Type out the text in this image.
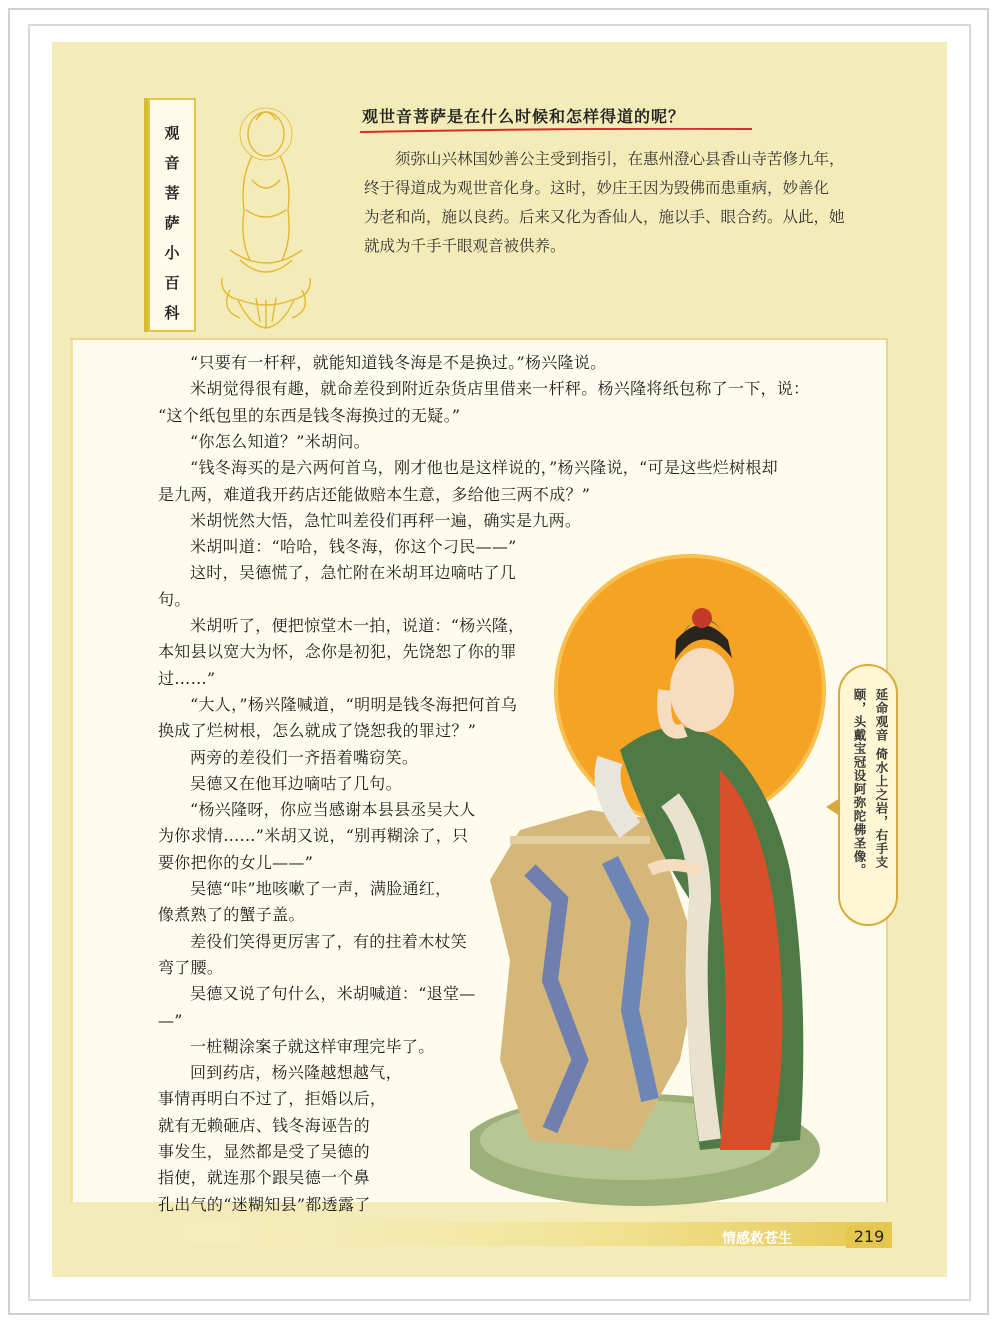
观
音
菩
萨
小
百
科
观世音菩萨是在什么时候和怎样得道的呢？
须弥山兴林国妙善公主受到指引，在惠州澄心县香山寺苦修九年，
终于得道成为观世音化身。这时，妙庄王因为毁佛而患重病，妙善化
为老和尚，施以良药。后来又化为香仙人，施以手、眼合药。从此，她
就成为千手千眼观音被供养。
“只要有一杆秤，就能知道钱冬海是不是换过。”杨兴隆说。
米胡觉得很有趣，就命差役到附近杂货店里借来一杆秤。杨兴隆将纸包称了一下，说：
“这个纸包里的东西是钱冬海换过的无疑。”
“你怎么知道？”米胡问。
“钱冬海买的是六两何首乌，刚才他也是这样说的，”杨兴隆说，“可是这些烂树根却
是九两，难道我开药店还能做赔本生意，多给他三两不成？”
米胡恍然大悟，急忙叫差役们再秤一遍，确实是九两。
米胡叫道：“哈哈，钱冬海，你这个刁民——”
这时，吴德慌了，急忙附在米胡耳边嘀咕了几
句。
米胡听了，便把惊堂木一拍，说道：“杨兴隆，
本知县以宽大为怀，念你是初犯，先饶恕了你的罪
过……”
“大人，”杨兴隆喊道，“明明是钱冬海把何首乌
换成了烂树根，怎么就成了饶恕我的罪过？”
两旁的差役们一齐捂着嘴窃笑。
吴德又在他耳边嘀咕了几句。
“杨兴隆呀，你应当感谢本县县丞吴大人
为你求情……”米胡又说，“别再糊涂了，只
要你把你的女儿——”
吴德“咔”地咳嗽了一声，满脸通红，
像煮熟了的蟹子盖。
差役们笑得更厉害了，有的拄着木杖笑
弯了腰。
吴德又说了句什么，米胡喊道：“退堂—
—”
一桩糊涂案子就这样审理完毕了。
回到药店，杨兴隆越想越气，
事情再明白不过了，拒婚以后，
就有无赖砸店、钱冬海诬告的
事发生，显然都是受了吴德的
指使，就连那个跟吴德一个鼻
孔出气的“迷糊知县”都透露了
延命观音 倚水上之岩，右手支
颐，头戴宝冠设阿弥陀佛圣像。
情感救苍生	219
